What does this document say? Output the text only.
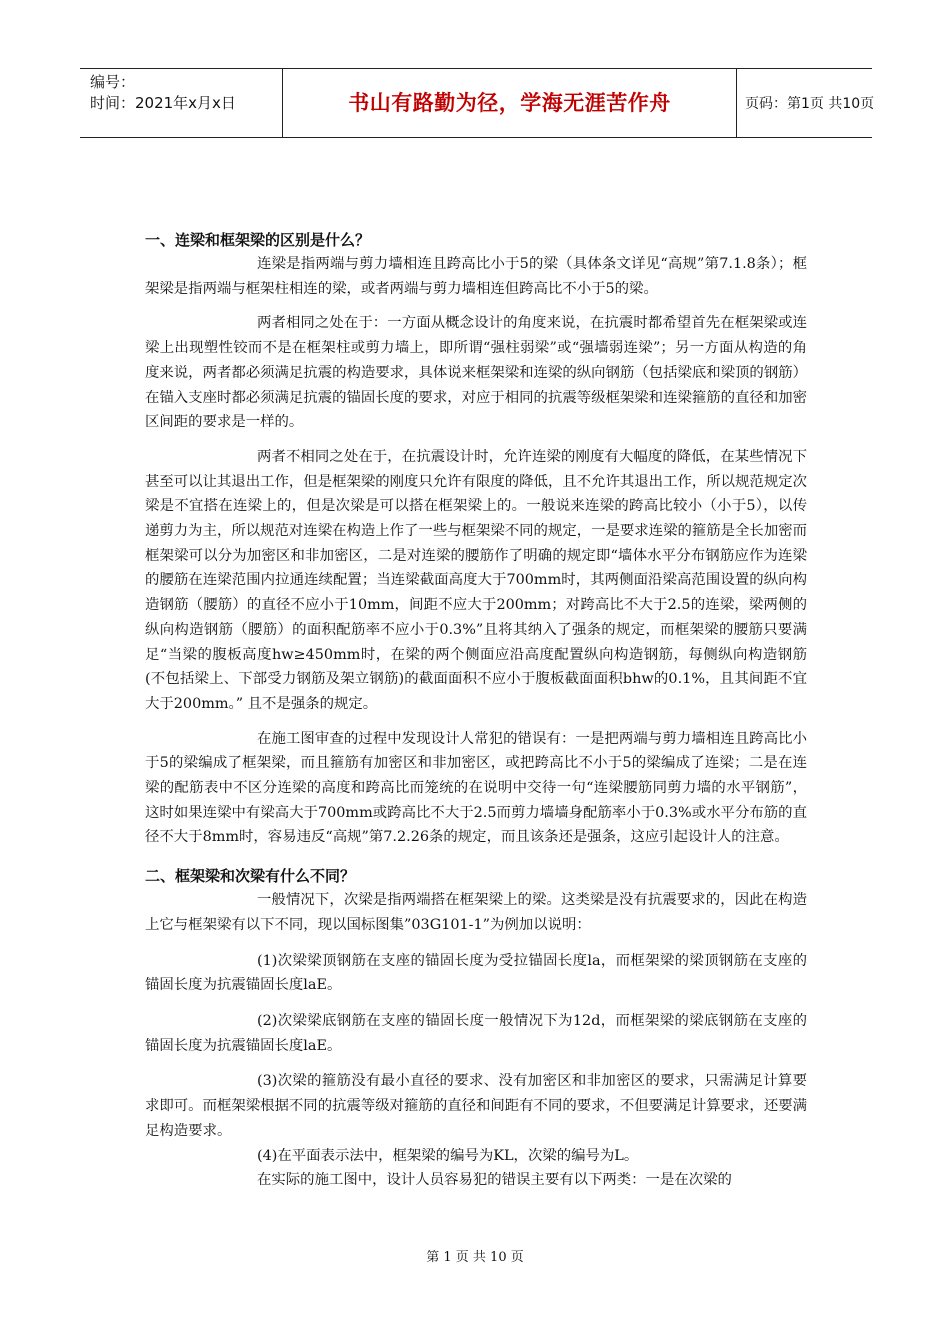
编号：
时间：2021年x月x日	书山有路勤为径，学海无涯苦作舟	页码：第1页 共10页
一、连梁和框架梁的区别是什么？

连梁是指两端与剪力墙相连且跨高比小于5的梁（具体条文详见“高规”第7.1.8条）；框架梁是指两端与框架柱相连的梁，或者两端与剪力墙相连但跨高比不小于5的梁。

两者相同之处在于：一方面从概念设计的角度来说，在抗震时都希望首先在框架梁或连梁上出现塑性铰而不是在框架柱或剪力墙上，即所谓“强柱弱梁”或“强墙弱连梁”；另一方面从构造的角度来说，两者都必须满足抗震的构造要求，具体说来框架梁和连梁的纵向钢筋（包括梁底和梁顶的钢筋）在锚入支座时都必须满足抗震的锚固长度的要求，对应于相同的抗震等级框架梁和连梁箍筋的直径和加密区间距的要求是一样的。

两者不相同之处在于，在抗震设计时，允许连梁的刚度有大幅度的降低，在某些情况下甚至可以让其退出工作，但是框架梁的刚度只允许有限度的降低，且不允许其退出工作，所以规范规定次梁是不宜搭在连梁上的，但是次梁是可以搭在框架梁上的。一般说来连梁的跨高比较小（小于5），以传递剪力为主，所以规范对连梁在构造上作了一些与框架梁不同的规定，一是要求连梁的箍筋是全长加密而框架梁可以分为加密区和非加密区，二是对连梁的腰筋作了明确的规定即“墙体水平分布钢筋应作为连梁的腰筋在连梁范围内拉通连续配置；当连梁截面高度大于700mm时，其两侧面沿梁高范围设置的纵向构造钢筋（腰筋）的直径不应小于10mm，间距不应大于200mm；对跨高比不大于2.5的连梁，梁两侧的纵向构造钢筋（腰筋）的面积配筋率不应小于0.3%”且将其纳入了强条的规定，而框架梁的腰筋只要满足“当梁的腹板高度hw≥450mm时，在梁的两个侧面应沿高度配置纵向构造钢筋，每侧纵向构造钢筋(不包括梁上、下部受力钢筋及架立钢筋)的截面面积不应小于腹板截面面积bhw的0.1%，且其间距不宜大于200mm。” 且不是强条的规定。

在施工图审查的过程中发现设计人常犯的错误有：一是把两端与剪力墙相连且跨高比小于5的梁编成了框架梁，而且箍筋有加密区和非加密区，或把跨高比不小于5的梁编成了连梁；二是在连梁的配筋表中不区分连梁的高度和跨高比而笼统的在说明中交待一句“连梁腰筋同剪力墙的水平钢筋”，这时如果连梁中有梁高大于700mm或跨高比不大于2.5而剪力墙墙身配筋率小于0.3%或水平分布筋的直径不大于8mm时，容易违反“高规”第7.2.26条的规定，而且该条还是强条，这应引起设计人的注意。

二、框架梁和次梁有什么不同？

一般情况下，次梁是指两端搭在框架梁上的梁。这类梁是没有抗震要求的，因此在构造上它与框架梁有以下不同，现以国标图集”03G101-1”为例加以说明：

(1)次梁梁顶钢筋在支座的锚固长度为受拉锚固长度la，而框架梁的梁顶钢筋在支座的锚固长度为抗震锚固长度laE。

(2)次梁梁底钢筋在支座的锚固长度一般情况下为12d，而框架梁的梁底钢筋在支座的锚固长度为抗震锚固长度laE。

(3)次梁的箍筋没有最小直径的要求、没有加密区和非加密区的要求，只需满足计算要求即可。而框架梁根据不同的抗震等级对箍筋的直径和间距有不同的要求，不但要满足计算要求，还要满足构造要求。

(4)在平面表示法中，框架梁的编号为KL，次梁的编号为L。

在实际的施工图中，设计人员容易犯的错误主要有以下两类：一是在次梁的

第 1 页 共 10 页
